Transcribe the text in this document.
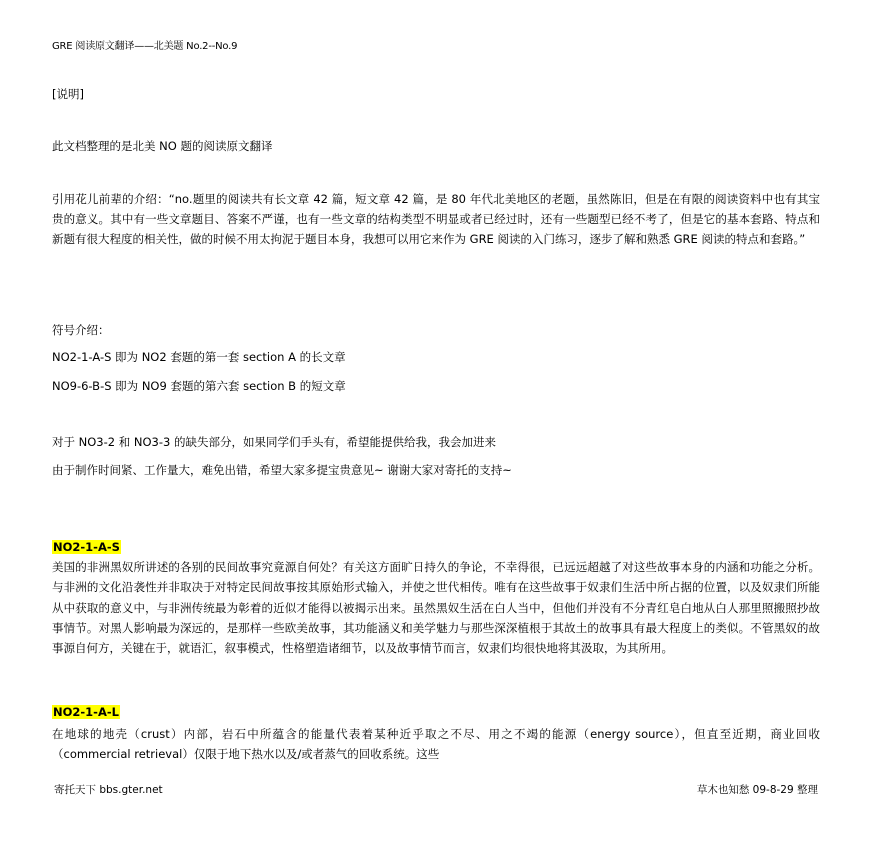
GRE 阅读原文翻译——北美题 No.2--No.9
[说明]
此文档整理的是北美 NO 题的阅读原文翻译
引用花儿前辈的介绍：“no.题里的阅读共有长文章 42 篇，短文章 42 篇，是 80 年代北美地区的老题，虽然陈旧，但是在有限的阅读资料中也有其宝贵的意义。其中有一些文章题目、答案不严谨，也有一些文章的结构类型不明显或者已经过时，还有一些题型已经不考了，但是它的基本套路、特点和新题有很大程度的相关性，做的时候不用太拘泥于题目本身，我想可以用它来作为 GRE 阅读的入门练习，逐步了解和熟悉 GRE 阅读的特点和套路。”
符号介绍：
NO2-1-A-S 即为 NO2 套题的第一套 section A 的长文章
NO9-6-B-S 即为 NO9 套题的第六套 section B 的短文章
对于 NO3-2 和 NO3-3 的缺失部分，如果同学们手头有，希望能提供给我，我会加进来
由于制作时间紧、工作量大，难免出错，希望大家多提宝贵意见~ 谢谢大家对寄托的支持~
NO2-1-A-S
美国的非洲黑奴所讲述的各别的民间故事究竟源自何处？有关这方面旷日持久的争论，不幸得很，已远远超越了对这些故事本身的内涵和功能之分析。与非洲的文化沿袭性并非取决于对特定民间故事按其原始形式输入，并使之世代相传。唯有在这些故事于奴隶们生活中所占据的位置，以及奴隶们所能从中获取的意义中，与非洲传统最为彰着的近似才能得以被揭示出来。虽然黑奴生活在白人当中，但他们并没有不分青红皂白地从白人那里照搬照抄故事情节。对黑人影响最为深远的，是那样一些欧美故事，其功能涵义和美学魅力与那些深深植根于其故土的故事具有最大程度上的类似。不管黑奴的故事源自何方，关键在于，就语汇，叙事模式，性格塑造诸细节，以及故事情节而言，奴隶们均很快地将其汲取，为其所用。
NO2-1-A-L
在地球的地壳（crust）内部，岩石中所蕴含的能量代表着某种近乎取之不尽、用之不竭的能源（energy source），但直至近期，商业回收（commercial retrieval）仅限于地下热水以及/或者蒸气的回收系统。这些
寄托天下 bbs.gter.net	草木也知愁 09-8-29 整理
